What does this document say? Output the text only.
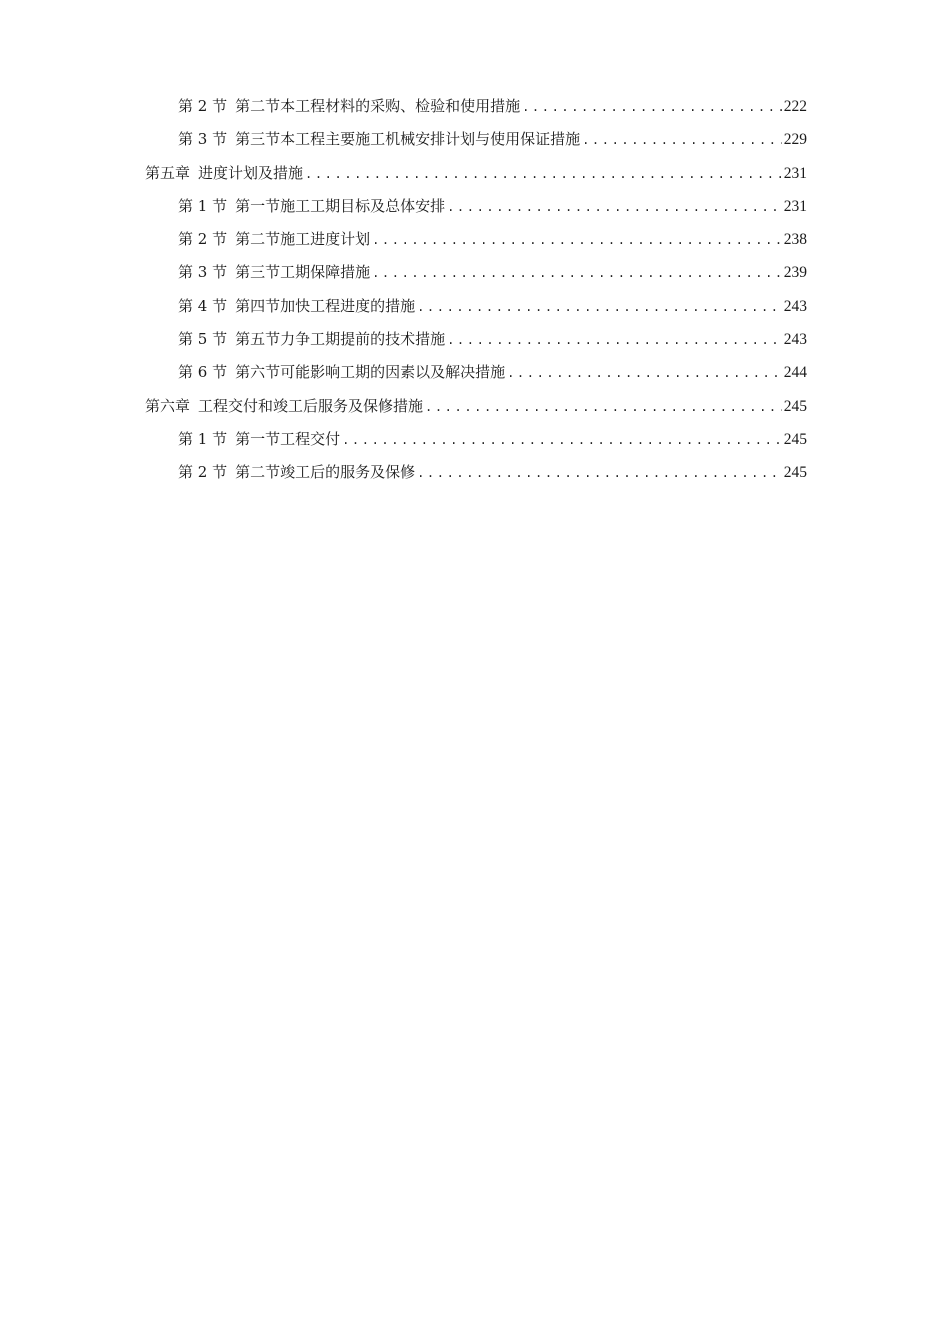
第 2 节 第二节本工程材料的采购、检验和使用措施 .....	222
第 3 节 第三节本工程主要施工机械安排计划与使用保证措施 .....	229
第五章 进度计划及措施 .....	231
第 1 节 第一节施工工期目标及总体安排 .....	231
第 2 节 第二节施工进度计划 .....	238
第 3 节 第三节工期保障措施 .....	239
第 4 节 第四节加快工程进度的措施 .....	243
第 5 节 第五节力争工期提前的技术措施 .....	243
第 6 节 第六节可能影响工期的因素以及解决措施 .....	244
第六章 工程交付和竣工后服务及保修措施 .....	245
第 1 节 第一节工程交付 .....	245
第 2 节 第二节竣工后的服务及保修 .....	245
